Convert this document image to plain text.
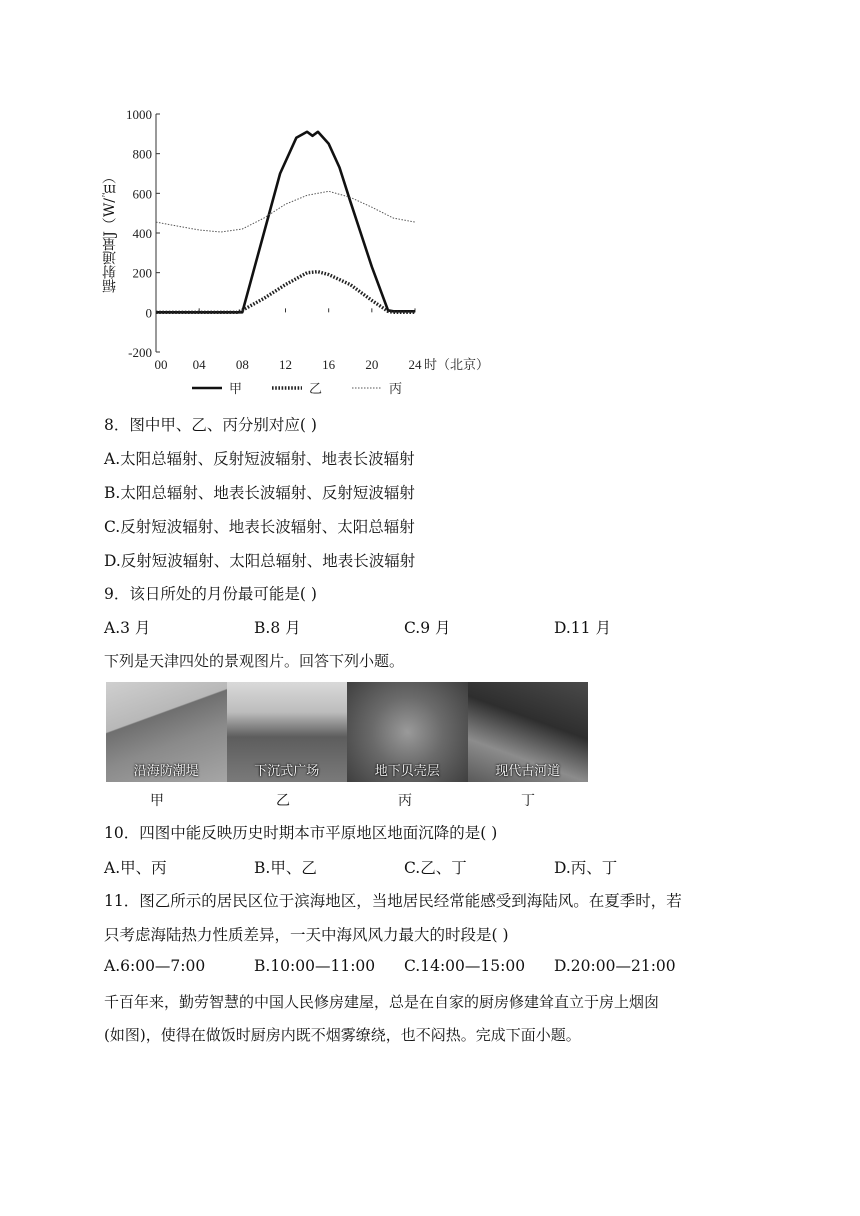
1000
800
600
400
200
0
-200
00 04 08 12 16 20 24 时（北京）
甲	乙	丙
辐射通量J（W/㎡）
8．图中甲、乙、丙分别对应( )
A.太阳总辐射、反射短波辐射、地表长波辐射
B.太阳总辐射、地表长波辐射、反射短波辐射
C.反射短波辐射、地表长波辐射、太阳总辐射
D.反射短波辐射、太阳总辐射、地表长波辐射
9．该日所处的月份最可能是( )
A.3 月	B.8 月	C.9 月	D.11 月
下列是天津四处的景观图片。回答下列小题。
沿海防潮堤	下沉式广场	地下贝壳层	现代古河道
甲	乙	丙	丁
10．四图中能反映历史时期本市平原地区地面沉降的是( )
A.甲、丙	B.甲、乙	C.乙、丁	D.丙、丁
11．图乙所示的居民区位于滨海地区，当地居民经常能感受到海陆风。在夏季时，若
只考虑海陆热力性质差异，一天中海风风力最大的时段是( )
A.6:00—7:00	B.10:00—11:00 C.14:00—15:00 D.20:00—21:00
千百年来，勤劳智慧的中国人民修房建屋，总是在自家的厨房修建耸直立于房上烟囱
(如图)，使得在做饭时厨房内既不烟雾缭绕，也不闷热。完成下面小题。
